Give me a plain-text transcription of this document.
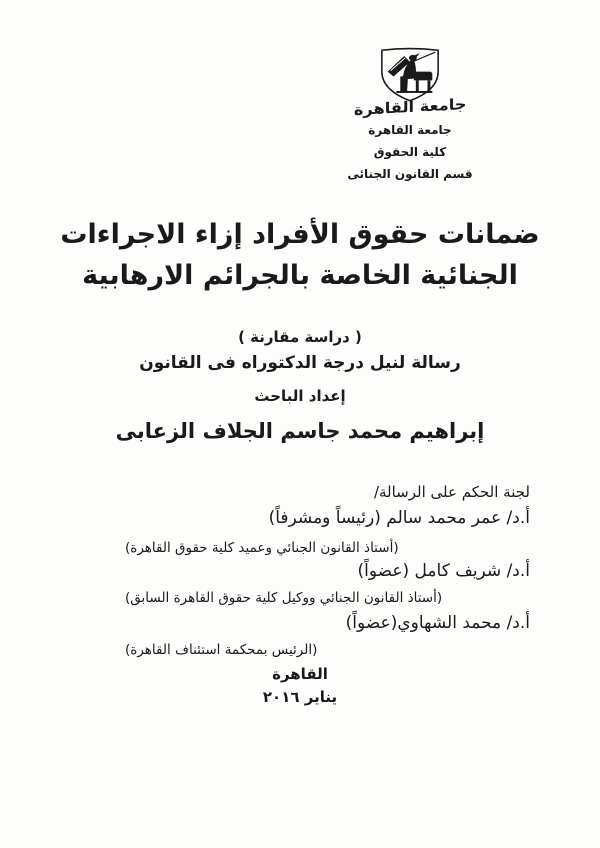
جامعة القاهرة
جامعة القاهرة
كلية الحقوق
قسم القانون الجنائى
ضمانات حقوق الأفراد إزاء الاجراءات
الجنائية الخاصة بالجرائم الارهابية
( دراسة مقارنة )
رسالة لنيل درجة الدكتوراه فى القانون
إعداد الباحث
إبراهيم محمد جاسم الجلاف الزعابى
لجنة الحكم على الرسالة/
أ.د/ عمر محمد سالم (رئيساً ومشرفاً)
(أستاذ القانون الجنائي وعميد كلية حقوق القاهرة)
أ.د/ شريف كامل (عضواً)
(أستاذ القانون الجنائي ووكيل كلية حقوق القاهرة السابق)
أ.د/ محمد الشهاوي(عضواً)
(الرئيس بمحكمة استئناف القاهرة)
القاهرة
يناير ٢٠١٦
